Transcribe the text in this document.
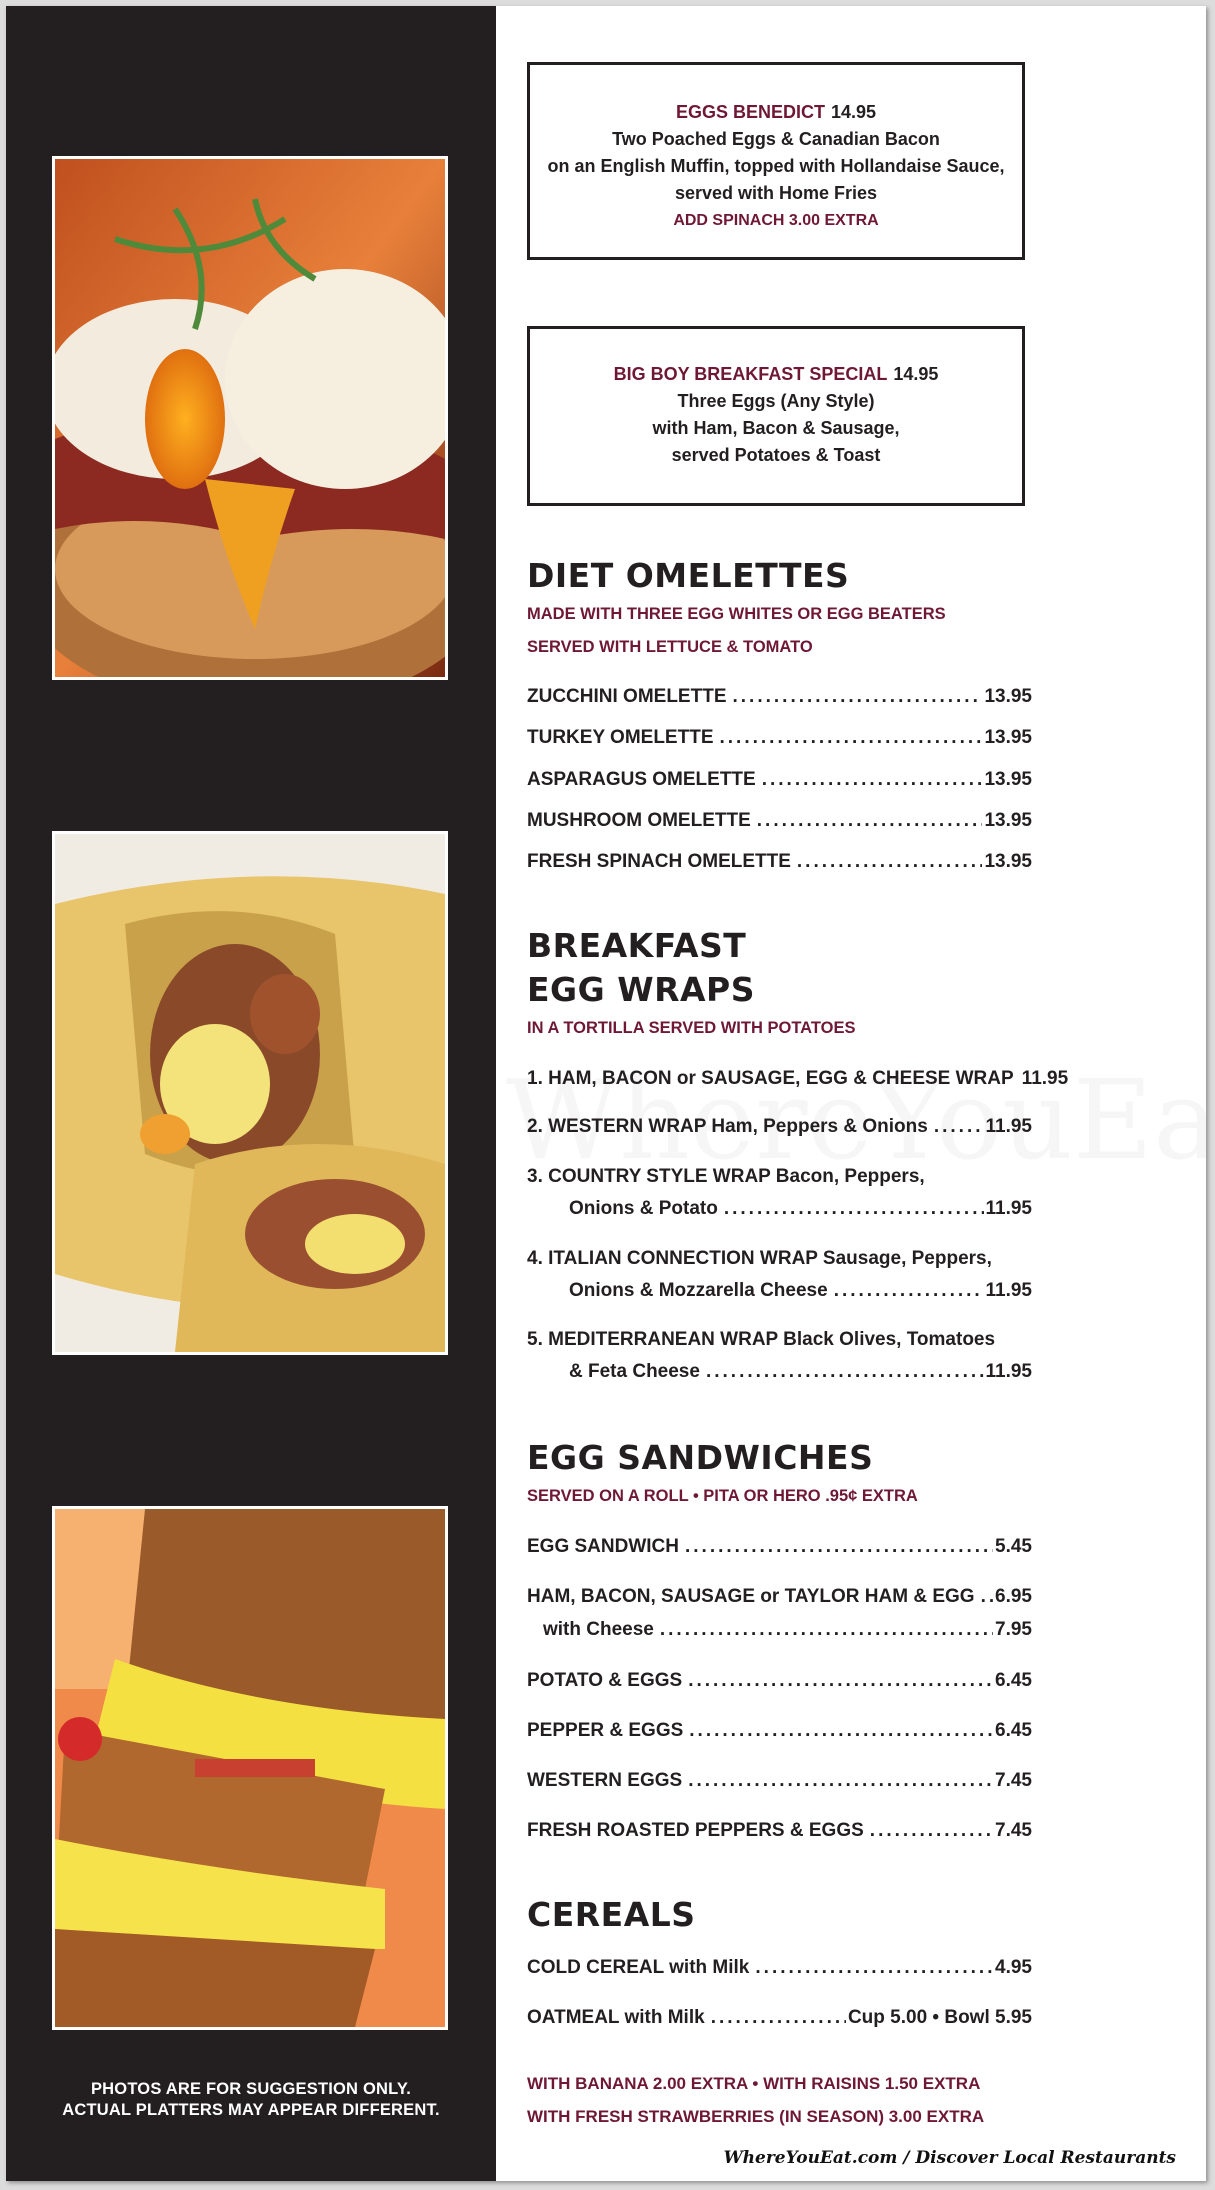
PHOTOS ARE FOR SUGGESTION ONLY.
ACTUAL PLATTERS MAY APPEAR DIFFERENT.
EGGS BENEDICT 14.95
Two Poached Eggs & Canadian Bacon
on an English Muffin, topped with Hollandaise Sauce,
served with Home Fries
ADD SPINACH 3.00 EXTRA
BIG BOY BREAKFAST SPECIAL 14.95
Three Eggs (Any Style)
with Ham, Bacon & Sausage,
served Potatoes & Toast
DIET OMELETTES
MADE WITH THREE EGG WHITES OR EGG BEATERS
SERVED WITH LETTUCE & TOMATO
ZUCCHINI OMELETTE .....	13.95
TURKEY OMELETTE .....	13.95
ASPARAGUS OMELETTE .....	13.95
MUSHROOM OMELETTE .....	13.95
FRESH SPINACH OMELETTE .....	13.95
BREAKFAST
EGG WRAPS
IN A TORTILLA SERVED WITH POTATOES
1. HAM, BACON or SAUSAGE, EGG & CHEESE WRAP 11.95
2. WESTERN WRAP Ham, Peppers & Onions .....	11.95
3. COUNTRY STYLE WRAP Bacon, Peppers,
Onions & Potato .....	11.95
4. ITALIAN CONNECTION WRAP Sausage, Peppers,
Onions & Mozzarella Cheese .....	11.95
5. MEDITERRANEAN WRAP Black Olives, Tomatoes
& Feta Cheese .....	11.95
EGG SANDWICHES
SERVED ON A ROLL • PITA OR HERO .95¢ EXTRA
EGG SANDWICH .....	5.45
HAM, BACON, SAUSAGE or TAYLOR HAM & EGG ..... 6.95
with Cheese .....	7.95
POTATO & EGGS .....	6.45
PEPPER & EGGS .....	6.45
WESTERN EGGS .....	7.45
FRESH ROASTED PEPPERS & EGGS .....	7.45
CEREALS
COLD CEREAL with Milk .....	4.95
OATMEAL with Milk .....	Cup 5.00 • Bowl 5.95
WITH BANANA 2.00 EXTRA • WITH RAISINS 1.50 EXTRA
WITH FRESH STRAWBERRIES (IN SEASON) 3.00 EXTRA
WhereYouEat.com / Discover Local Restaurants
